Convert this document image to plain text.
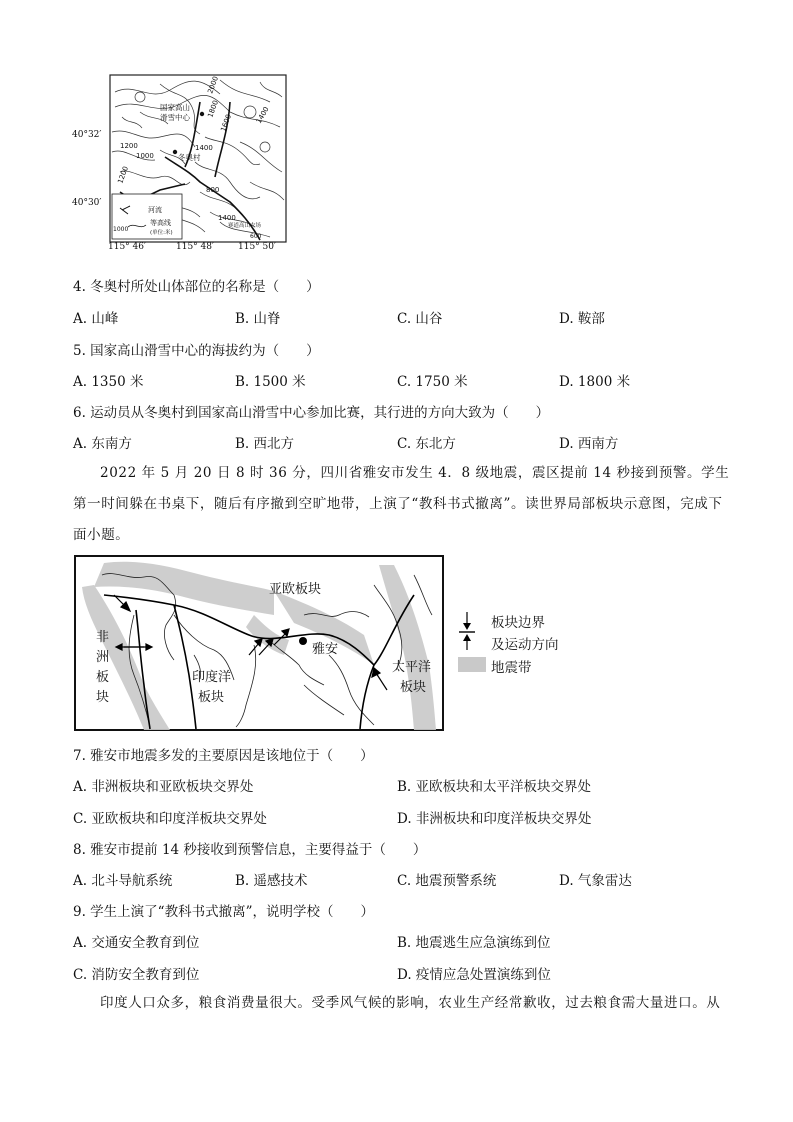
国家高山
滑雪中心
冬奥村
赛道高山农场
2000
1800
1600	1400
1200
1000
1400
800
1200
1400
600
河流
等高线
(单位:米)
1000
40°32′
40°30′
115° 46′	115° 48′	115° 50′
4. 冬奥村所处山体部位的名称是（　　）
A. 山峰	B. 山脊	C. 山谷	D. 鞍部
5. 国家高山滑雪中心的海拔约为（　　）
A. 1350 米	B. 1500 米	C. 1750 米	D. 1800 米
6. 运动员从冬奥村到国家高山滑雪中心参加比赛，其行进的方向大致为（　　）
A. 东南方	B. 西北方	C. 东北方	D. 西南方
2022 年 5 月 20 日 8 时 36 分，四川省雅安市发生 4．8 级地震，震区提前 14 秒接到预警。学生第一时间躲在书桌下，随后有序撤到空旷地带，上演了“教科书式撤离”。读世界局部板块示意图，完成下面小题。
亚欧板块
非
洲
板
块
印度洋
板块
雅安
太平洋
板块
板块边界
及运动方向
地震带
7. 雅安市地震多发的主要原因是该地位于（　　）
A. 非洲板块和亚欧板块交界处	B. 亚欧板块和太平洋板块交界处
C. 亚欧板块和印度洋板块交界处	D. 非洲板块和印度洋板块交界处
8. 雅安市提前 14 秒接收到预警信息，主要得益于（　　）
A. 北斗导航系统	B. 遥感技术	C. 地震预警系统	D. 气象雷达
9. 学生上演了“教科书式撤离”，说明学校（　　）
A. 交通安全教育到位	B. 地震逃生应急演练到位
C. 消防安全教育到位	D. 疫情应急处置演练到位
印度人口众多，粮食消费量很大。受季风气候的影响，农业生产经常歉收，过去粮食需大量进口。从
